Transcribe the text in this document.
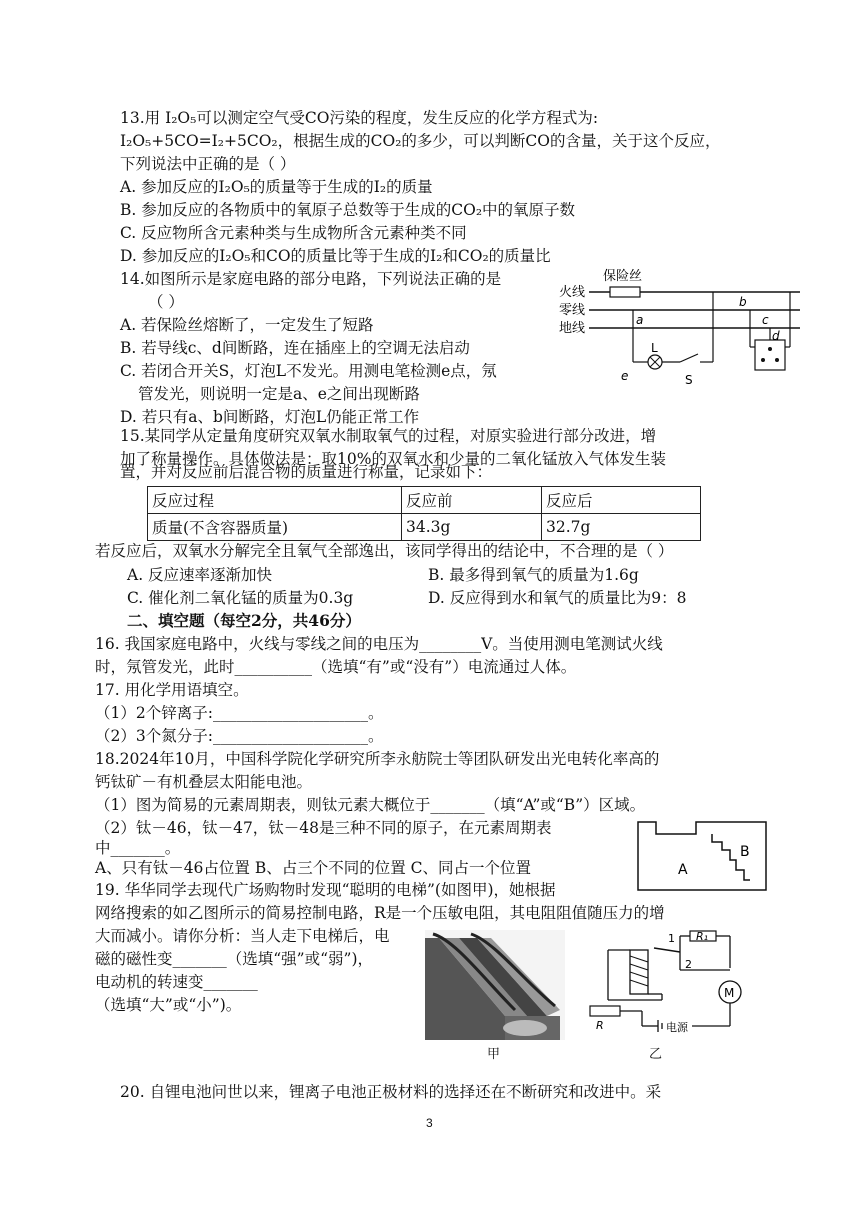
13.用 I₂O₅可以测定空气受CO污染的程度，发生反应的化学方程式为:
I₂O₅+5CO=I₂+5CO₂，根据生成的CO₂的多少，可以判断CO的含量，关于这个反应，
下列说法中正确的是（ ）
A. 参加反应的I₂O₅的质量等于生成的I₂的质量
B. 参加反应的各物质中的氧原子总数等于生成的CO₂中的氧原子数
C. 反应物所含元素种类与生成物所含元素种类不同
D. 参加反应的I₂O₅和CO的质量比等于生成的I₂和CO₂的质量比
14.如图所示是家庭电路的部分电路，下列说法正确的是
（ ）
A. 若保险丝熔断了，一定发生了短路
B. 若导线c、d间断路，连在插座上的空调无法启动
C. 若闭合开关S，灯泡L不发光。用测电笔检测e点，氖
管发光，则说明一定是a、e之间出现断路
D. 若只有a、b间断路，灯泡L仍能正常工作
保险丝
火线
零线
地线
a
e
L
S
b
c
d
15.某同学从定量角度研究双氧水制取氧气的过程，对原实验进行部分改进，增
加了称量操作。具体做法是：取10%的双氧水和少量的二氧化锰放入气体发生装
置，并对反应前后混合物的质量进行称量，记录如下：
反应过程	反应前	反应后
质量(不含容器质量)	34.3g	32.7g
若反应后，双氧水分解完全且氧气全部逸出，该同学得出的结论中，不合理的是（ ）
A. 反应速率逐渐加快	B. 最多得到氧气的质量为1.6g
C. 催化剂二氧化锰的质量为0.3g	D. 反应得到水和氧气的质量比为9：8
二、填空题（每空2分，共46分）
16. 我国家庭电路中，火线与零线之间的电压为________V。当使用测电笔测试火线
时，氖管发光，此时__________（选填“有”或“没有”）电流通过人体。
17. 用化学用语填空。
（1）2个锌离子:____________________。
（2）3个氮分子:____________________。
18.2024年10月，中国科学院化学研究所李永舫院士等团队研发出光电转化率高的
钙钛矿－有机叠层太阳能电池。
（1）图为简易的元素周期表，则钛元素大概位于_______（填“A”或“B”）区域。
（2）钛－46，钛－47，钛－48是三种不同的原子，在元素周期表
中_______。
A、只有钛－46占位置 B、占三个不同的位置 C、同占一个位置	A
B
19. 华华同学去现代广场购物时发现“聪明的电梯”(如图甲)，她根据
网络搜索的如乙图所示的简易控制电路，R是一个压敏电阻，其电阻阻值随压力的增
大而减小。请你分析：当人走下电梯后，电
磁的磁性变_______（选填“强”或“弱”)，
电动机的转速变_______
（选填“大”或“小”)。
甲
1
2
R₁
M
R	电源
乙
20. 自锂电池问世以来，锂离子电池正极材料的选择还在不断研究和改进中。采
3
